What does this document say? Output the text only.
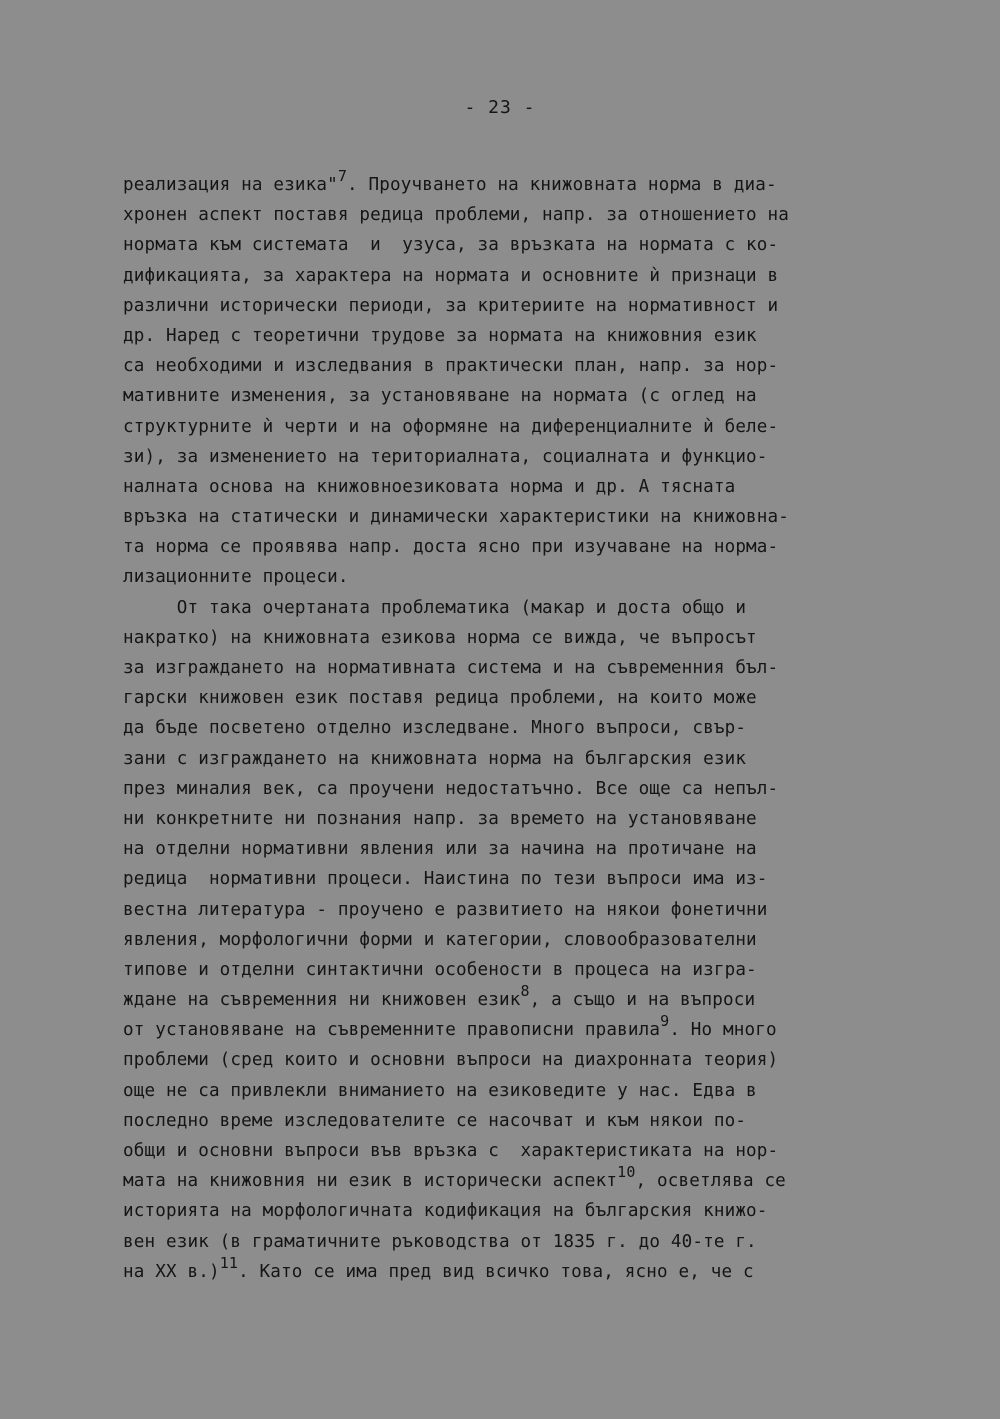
- 23 -
реализация на езика"$^7$. Проучването на книжовната норма в диа-
хронен аспект поставя редица проблеми, напр. за отношението на
нормата към системата  и  узуса, за връзката на нормата с ко-
дификацията, за характера на нормата и основните ѝ признаци в
различни исторически периоди, за критериите на нормативност и
др. Наред с теоретични трудове за нормата на книжовния език
са необходими и изследвания в практически план, напр. за нор-
мативните изменения, за установяване на нормата (с оглед на
структурните ѝ черти и на оформяне на диференциалните ѝ беле-
зи), за изменението на териториалната, социалната и функцио-
налната основа на книжовноезиковата норма и др. А тясната
връзка на статически и динамически характеристики на книжовна-
та норма се проявява напр. доста ясно при изучаване на норма-
лизационните процеси.
От така очертаната проблематика (макар и доста общо и
накратко) на книжовната езикова норма се вижда, че въпросът
за изграждането на нормативната система и на съвременния бъл-
гарски книжовен език поставя редица проблеми, на които може
да бъде посветено отделно изследване. Много въпроси, свър-
зани с изграждането на книжовната норма на българския език
през миналия век, са проучени недостатъчно. Все още са непъл-
ни конкретните ни познания напр. за времето на установяване
на отделни нормативни явления или за начина на протичане на
редица  нормативни процеси. Наистина по тези въпроси има из-
вестна литература - проучено е развитието на някои фонетични
явления, морфологични форми и категории, словообразователни
типове и отделни синтактични особености в процеса на изгра-
ждане на съвременния ни книжовен език$^8$, а също и на въпроси
от установяване на съвременните правописни правила$^9$. Но много
проблеми (сред които и основни въпроси на диахронната теория)
още не са привлекли вниманието на езиковедите у нас. Едва в
последно време изследователите се насочват и към някои по-
общи и основни въпроси във връзка с  характеристиката на нор-
мата на книжовния ни език в исторически аспект$^{10}$, осветлява се
историята на морфологичната кодификация на българския книжо-
вен език (в граматичните ръководства от 1835 г. до 40-те г.
на XX в.)$^{11}$. Като се има пред вид всичко това, ясно е, че с
